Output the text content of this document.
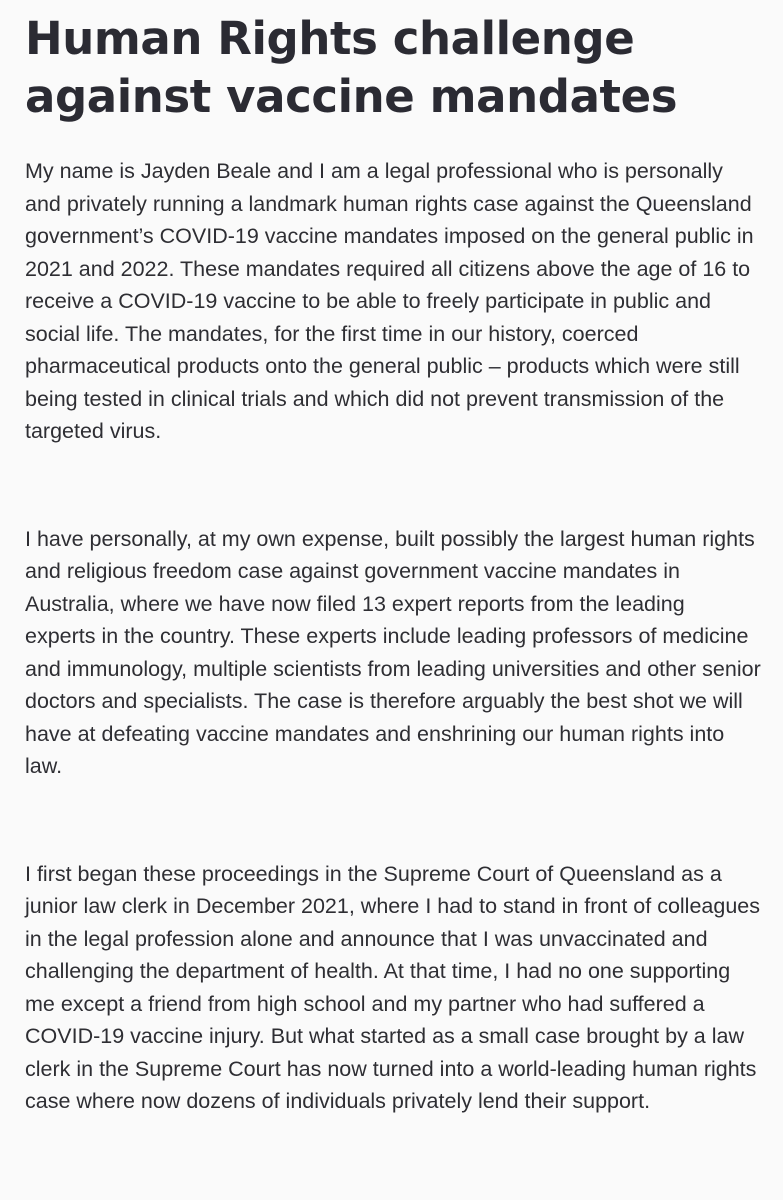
Human Rights challenge against vaccine mandates

My name is Jayden Beale and I am a legal professional who is personally and privately running a landmark human rights case against the Queensland government’s COVID-19 vaccine mandates imposed on the general public in 2021 and 2022. These mandates required all citizens above the age of 16 to receive a COVID-19 vaccine to be able to freely participate in public and social life. The mandates, for the first time in our history, coerced pharmaceutical products onto the general public – products which were still being tested in clinical trials and which did not prevent transmission of the targeted virus.

I have personally, at my own expense, built possibly the largest human rights and religious freedom case against government vaccine mandates in Australia, where we have now filed 13 expert reports from the leading experts in the country. These experts include leading professors of medicine and immunology, multiple scientists from leading universities and other senior doctors and specialists. The case is therefore arguably the best shot we will have at defeating vaccine mandates and enshrining our human rights into law.

I first began these proceedings in the Supreme Court of Queensland as a junior law clerk in December 2021, where I had to stand in front of colleagues in the legal profession alone and announce that I was unvaccinated and challenging the department of health. At that time, I had no one supporting me except a friend from high school and my partner who had suffered a COVID-19 vaccine injury. But what started as a small case brought by a law clerk in the Supreme Court has now turned into a world-leading human rights case where now dozens of individuals privately lend their support.
